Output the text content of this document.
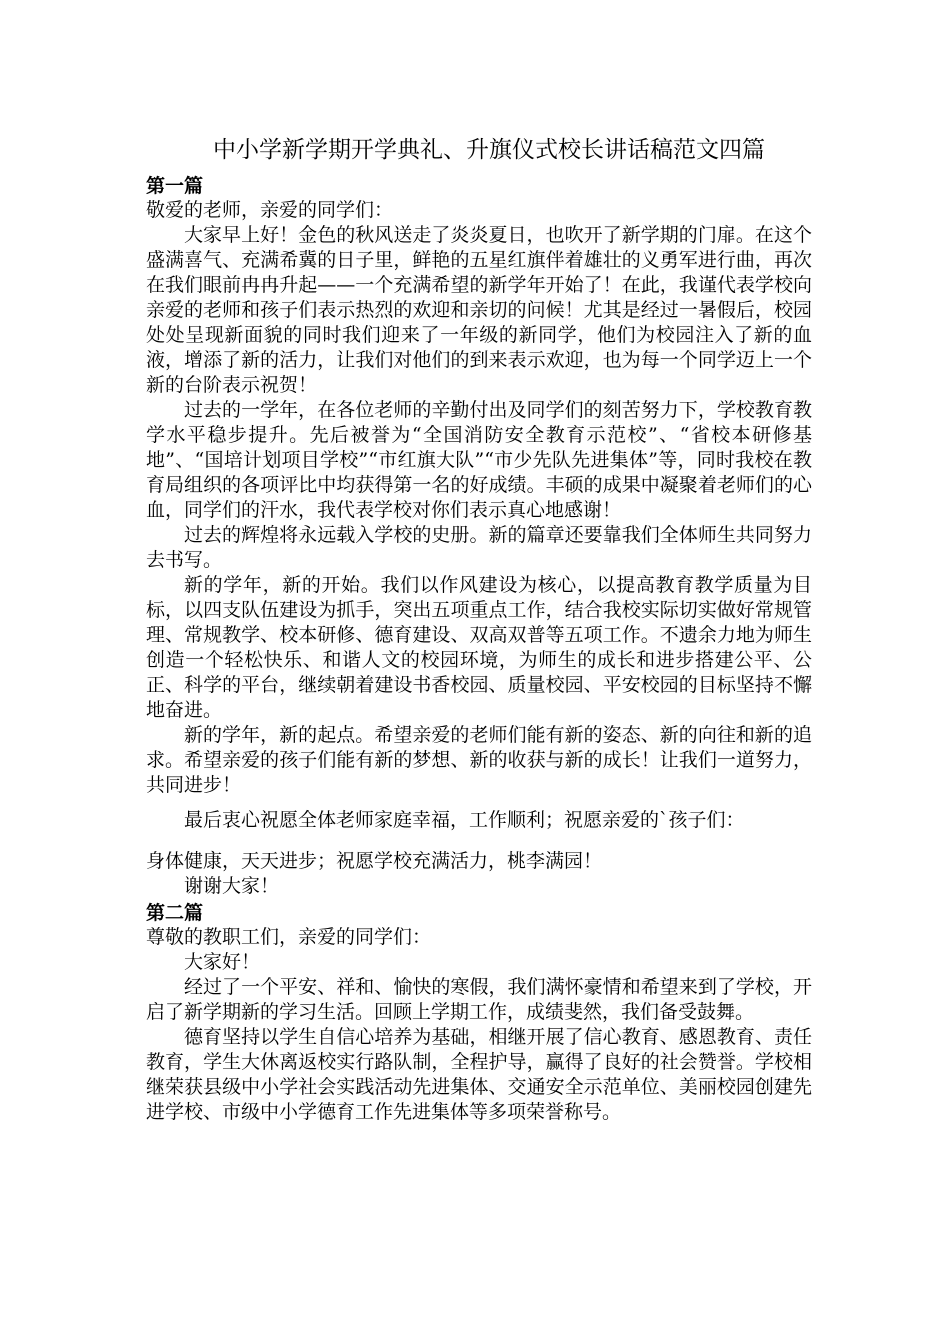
中小学新学期开学典礼、升旗仪式校长讲话稿范文四篇

第一篇

敬爱的老师，亲爱的同学们：

大家早上好！金色的秋风送走了炎炎夏日，也吹开了新学期的门扉。在这个盛满喜气、充满希冀的日子里，鲜艳的五星红旗伴着雄壮的义勇军进行曲，再次在我们眼前冉冉升起——一个充满希望的新学年开始了！在此，我谨代表学校向亲爱的老师和孩子们表示热烈的欢迎和亲切的问候！尤其是经过一暑假后，校园处处呈现新面貌的同时我们迎来了一年级的新同学，他们为校园注入了新的血液，增添了新的活力，让我们对他们的到来表示欢迎，也为每一个同学迈上一个新的台阶表示祝贺！

过去的一学年，在各位老师的辛勤付出及同学们的刻苦努力下，学校教育教学水平稳步提升。先后被誉为“全国消防安全教育示范校”、“省校本研修基地”、“国培计划项目学校”“市红旗大队”“市少先队先进集体”等，同时我校在教育局组织的各项评比中均获得第一名的好成绩。丰硕的成果中凝聚着老师们的心血，同学们的汗水，我代表学校对你们表示真心地感谢！

过去的辉煌将永远载入学校的史册。新的篇章还要靠我们全体师生共同努力去书写。

新的学年，新的开始。我们以作风建设为核心，以提高教育教学质量为目标，以四支队伍建设为抓手，突出五项重点工作，结合我校实际切实做好常规管理、常规教学、校本研修、德育建设、双高双普等五项工作。不遗余力地为师生创造一个轻松快乐、和谐人文的校园环境，为师生的成长和进步搭建公平、公正、科学的平台，继续朝着建设书香校园、质量校园、平安校园的目标坚持不懈地奋进。

新的学年，新的起点。希望亲爱的老师们能有新的姿态、新的向往和新的追求。希望亲爱的孩子们能有新的梦想、新的收获与新的成长！让我们一道努力，共同进步！

最后衷心祝愿全体老师家庭幸福，工作顺利；祝愿亲爱的`孩子们：

身体健康，天天进步；祝愿学校充满活力，桃李满园！

谢谢大家！

第二篇

尊敬的教职工们，亲爱的同学们：

大家好！

经过了一个平安、祥和、愉快的寒假，我们满怀豪情和希望来到了学校，开启了新学期新的学习生活。回顾上学期工作，成绩斐然，我们备受鼓舞。

德育坚持以学生自信心培养为基础，相继开展了信心教育、感恩教育、责任教育，学生大休离返校实行路队制，全程护导，赢得了良好的社会赞誉。学校相继荣获县级中小学社会实践活动先进集体、交通安全示范单位、美丽校园创建先进学校、市级中小学德育工作先进集体等多项荣誉称号。
